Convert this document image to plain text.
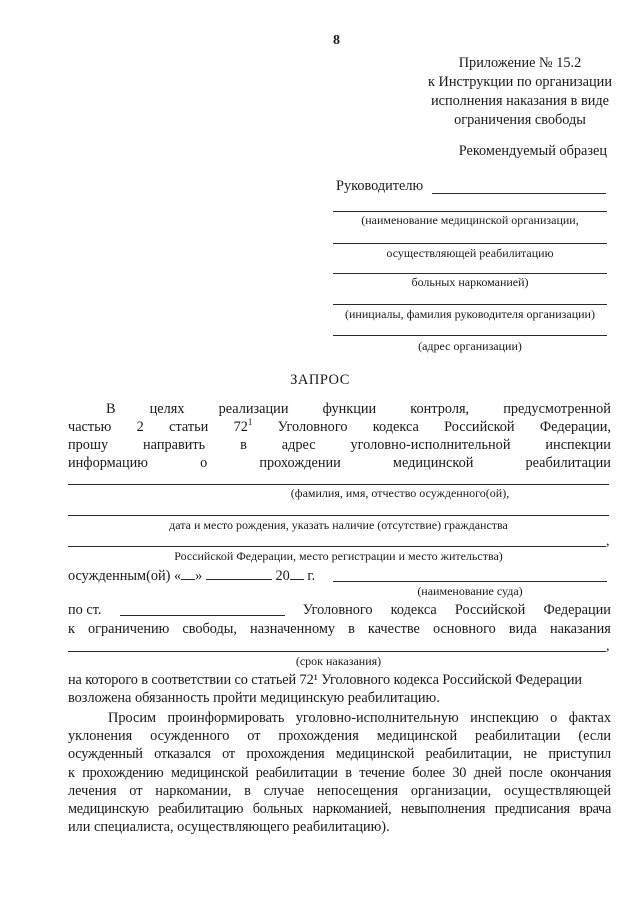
8
Приложение № 15.2
к Инструкции по организации
исполнения наказания в виде
ограничения свободы
Рекомендуемый образец
Руководителю
(наименование медицинской организации,
осуществляющей реабилитацию
больных наркоманией)
(инициалы, фамилия руководителя организации)
(адрес организации)
ЗАПРОС
В целях реализации функции контроля, предусмотренной
частью 2 статьи $72^1$ Уголовного кодекса Российской Федерации,
прошу направить в адрес уголовно-исполнительной инспекции
информацию	о	прохождении	медицинской	реабилитации
(фамилия, имя, отчество осужденного(ой),
дата и место рождения, указать наличие (отсутствие) гражданства
,
Российской Федерации, место регистрации и место жительства)
осужденным(ой) « »	20 г.
(наименование суда)
по ст.	Уголовного кодекса Российской Федерации
к ограничению свободы, назначенному в качестве основного вида наказания
,
(срок наказания)
на которого в соответствии со статьей 72¹ Уголовного кодекса Российской Федерации
возложена обязанность пройти медицинскую реабилитацию.
Просим проинформировать уголовно-исполнительную инспекцию о фактах
уклонения осужденного от прохождения медицинской реабилитации (если
осужденный отказался от прохождения медицинской реабилитации, не приступил
к прохождению медицинской реабилитации в течение более 30 дней после окончания
лечения от наркомании, в случае непосещения организации, осуществляющей
медицинскую реабилитацию больных наркоманией, невыполнения предписания врача
или специалиста, осуществляющего реабилитацию).
